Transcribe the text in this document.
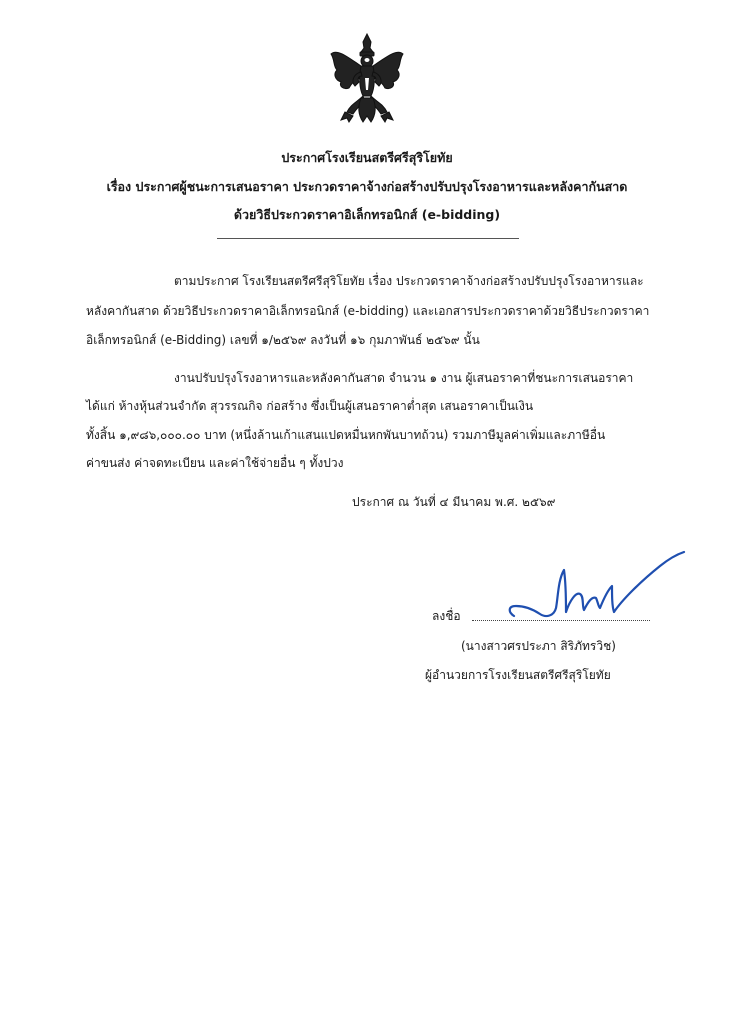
ประกาศโรงเรียนสตรีศรีสุริโยทัย
เรื่อง ประกาศผู้ชนะการเสนอราคา ประกวดราคาจ้างก่อสร้างปรับปรุงโรงอาหารและหลังคากันสาด
ด้วยวิธีประกวดราคาอิเล็กทรอนิกส์ (e-bidding)
ตามประกาศ โรงเรียนสตรีศรีสุริโยทัย เรื่อง ประกวดราคาจ้างก่อสร้างปรับปรุงโรงอาหารและ
หลังคากันสาด ด้วยวิธีประกวดราคาอิเล็กทรอนิกส์ (e-bidding) และเอกสารประกวดราคาด้วยวิธีประกวดราคา
อิเล็กทรอนิกส์ (e-Bidding) เลขที่ ๑/๒๕๖๙ ลงวันที่ ๑๖ กุมภาพันธ์ ๒๕๖๙ นั้น
งานปรับปรุงโรงอาหารและหลังคากันสาด จำนวน ๑ งาน ผู้เสนอราคาที่ชนะการเสนอราคา
ได้แก่ ห้างหุ้นส่วนจำกัด สุวรรณกิจ ก่อสร้าง ซึ่งเป็นผู้เสนอราคาต่ำสุด เสนอราคาเป็นเงิน
ทั้งสิ้น ๑,๙๘๖,๐๐๐.๐๐ บาท (หนึ่งล้านเก้าแสนแปดหมื่นหกพันบาทถ้วน) รวมภาษีมูลค่าเพิ่มและภาษีอื่น
ค่าขนส่ง ค่าจดทะเบียน และค่าใช้จ่ายอื่น ๆ ทั้งปวง
ประกาศ ณ วันที่ ๔ มีนาคม พ.ศ. ๒๕๖๙
ลงชื่อ
(นางสาวศรประภา สิริภัทรวิช)
ผู้อำนวยการโรงเรียนสตรีศรีสุริโยทัย
